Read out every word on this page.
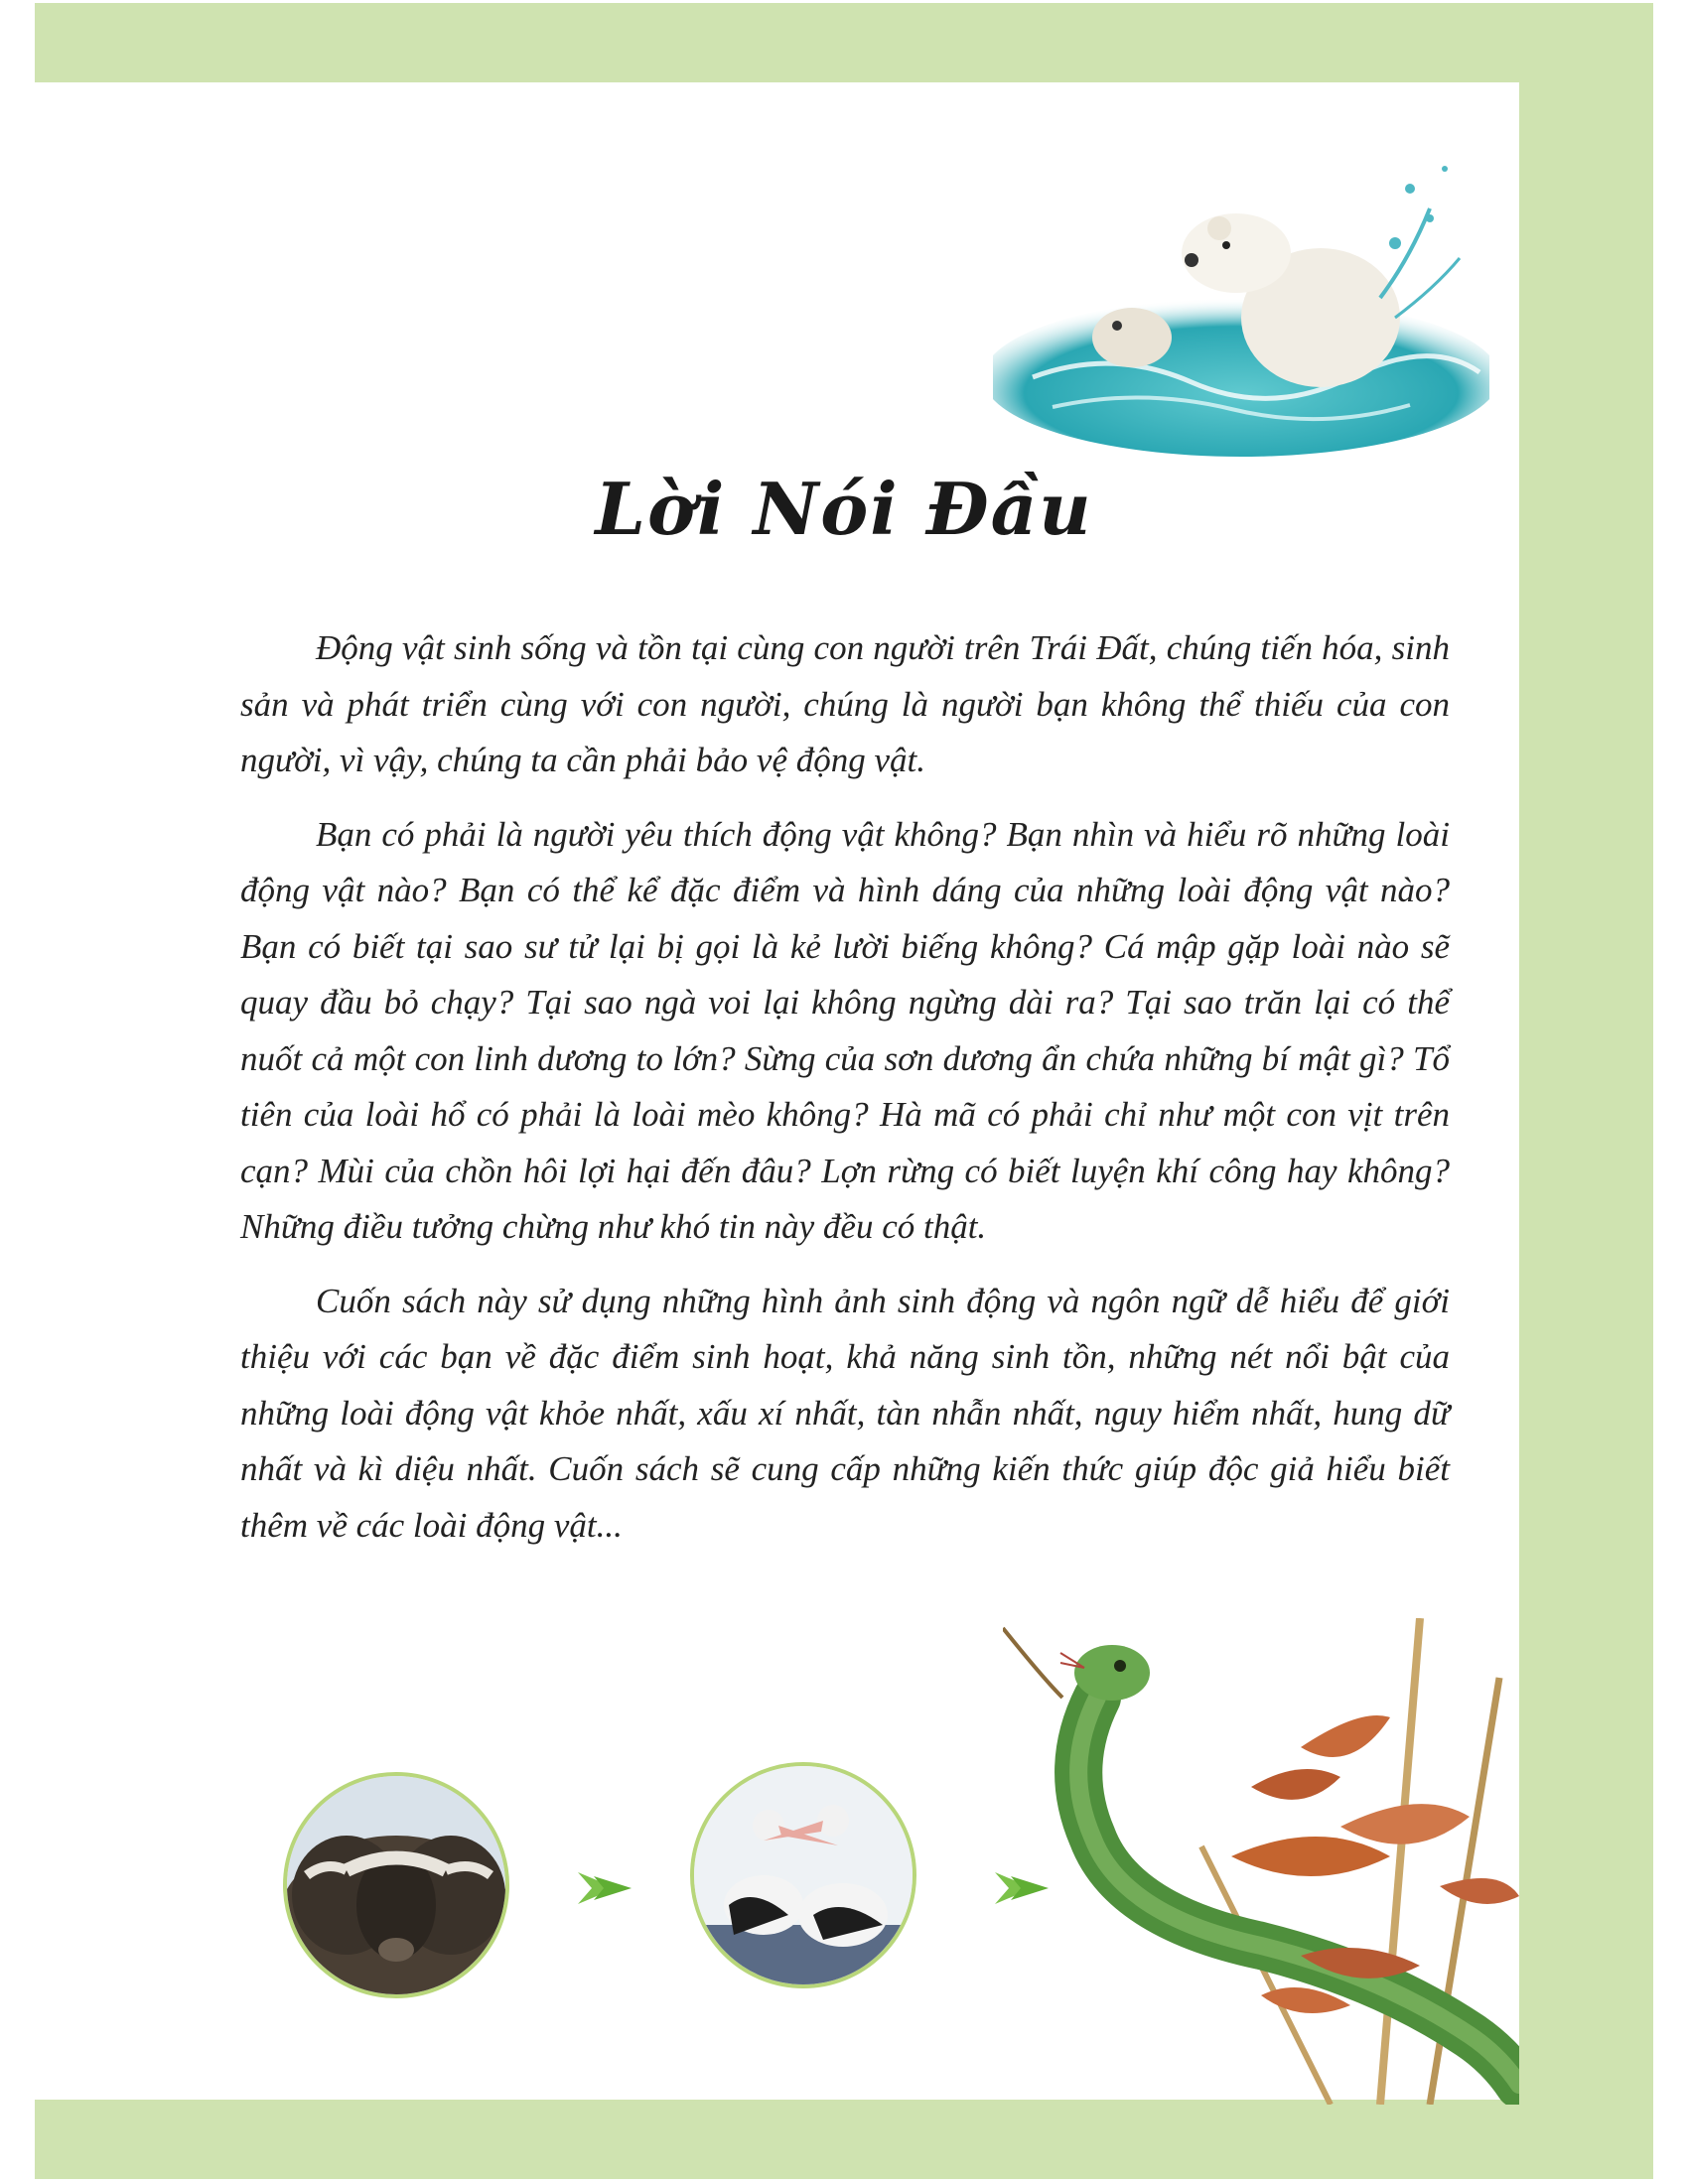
Lời Nói Đầu

Động vật sinh sống và tồn tại cùng con người trên Trái Đất, chúng tiến hóa, sinh sản và phát triển cùng với con người, chúng là người bạn không thể thiếu của con người, vì vậy, chúng ta cần phải bảo vệ động vật.

Bạn có phải là người yêu thích động vật không? Bạn nhìn và hiểu rõ những loài động vật nào? Bạn có thể kể đặc điểm và hình dáng của những loài động vật nào? Bạn có biết tại sao sư tử lại bị gọi là kẻ lười biếng không? Cá mập gặp loài nào sẽ quay đầu bỏ chạy? Tại sao ngà voi lại không ngừng dài ra? Tại sao trăn lại có thể nuốt cả một con linh dương to lớn? Sừng của sơn dương ẩn chứa những bí mật gì? Tổ tiên của loài hổ có phải là loài mèo không? Hà mã có phải chỉ như một con vịt trên cạn? Mùi của chồn hôi lợi hại đến đâu? Lợn rừng có biết luyện khí công hay không? Những điều tưởng chừng như khó tin này đều có thật.

Cuốn sách này sử dụng những hình ảnh sinh động và ngôn ngữ dễ hiểu để giới thiệu với các bạn về đặc điểm sinh hoạt, khả năng sinh tồn, những nét nổi bật của những loài động vật khỏe nhất, xấu xí nhất, tàn nhẫn nhất, nguy hiểm nhất, hung dữ nhất và kì diệu nhất. Cuốn sách sẽ cung cấp những kiến thức giúp độc giả hiểu biết thêm về các loài động vật...
